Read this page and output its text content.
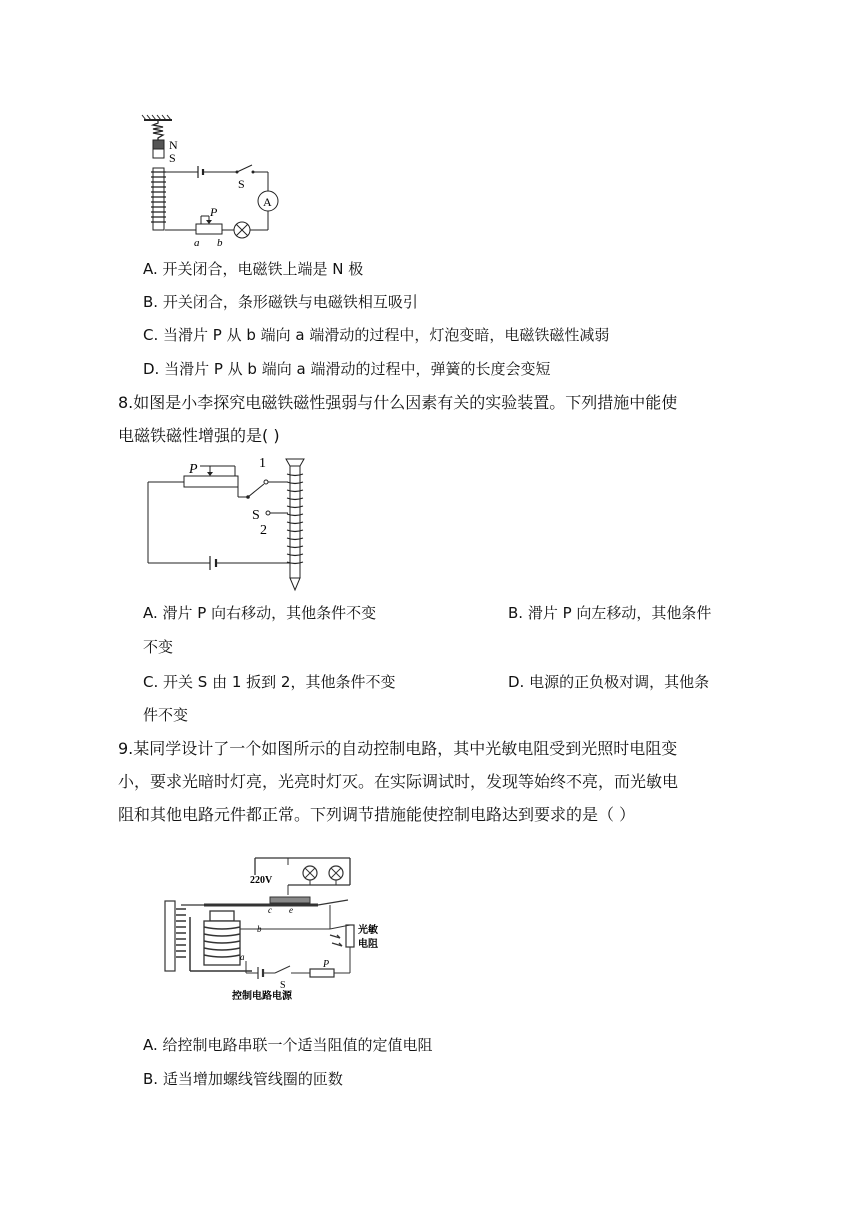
N
S
S
A
P
a b
A. 开关闭合，电磁铁上端是 N 极
B. 开关闭合，条形磁铁与电磁铁相互吸引
C. 当滑片 P 从 b 端向 a 端滑动的过程中，灯泡变暗，电磁铁磁性减弱
D. 当滑片 P 从 b 端向 a 端滑动的过程中，弹簧的长度会变短
8.如图是小李探究电磁铁磁性强弱与什么因素有关的实验装置。下列措施中能使
电磁铁磁性增强的是( )
P	1
S
2
A. 滑片 P 向右移动，其他条件不变	B. 滑片 P 向左移动，其他条件
不变
C. 开关 S 由 1 扳到 2，其他条件不变	D. 电源的正负极对调，其他条
件不变
9.某同学设计了一个如图所示的自动控制电路，其中光敏电阻受到光照时电阻变
小，要求光暗时灯亮，光亮时灯灭。在实际调试时，发现等始终不亮，而光敏电
阻和其他电路元件都正常。下列调节措施能使控制电路达到要求的是（ ）
220V
c e
b	光敏电阻
a
S
P
控制电路电源
A. 给控制电路串联一个适当阻值的定值电阻
B. 适当增加螺线管线圈的匝数
